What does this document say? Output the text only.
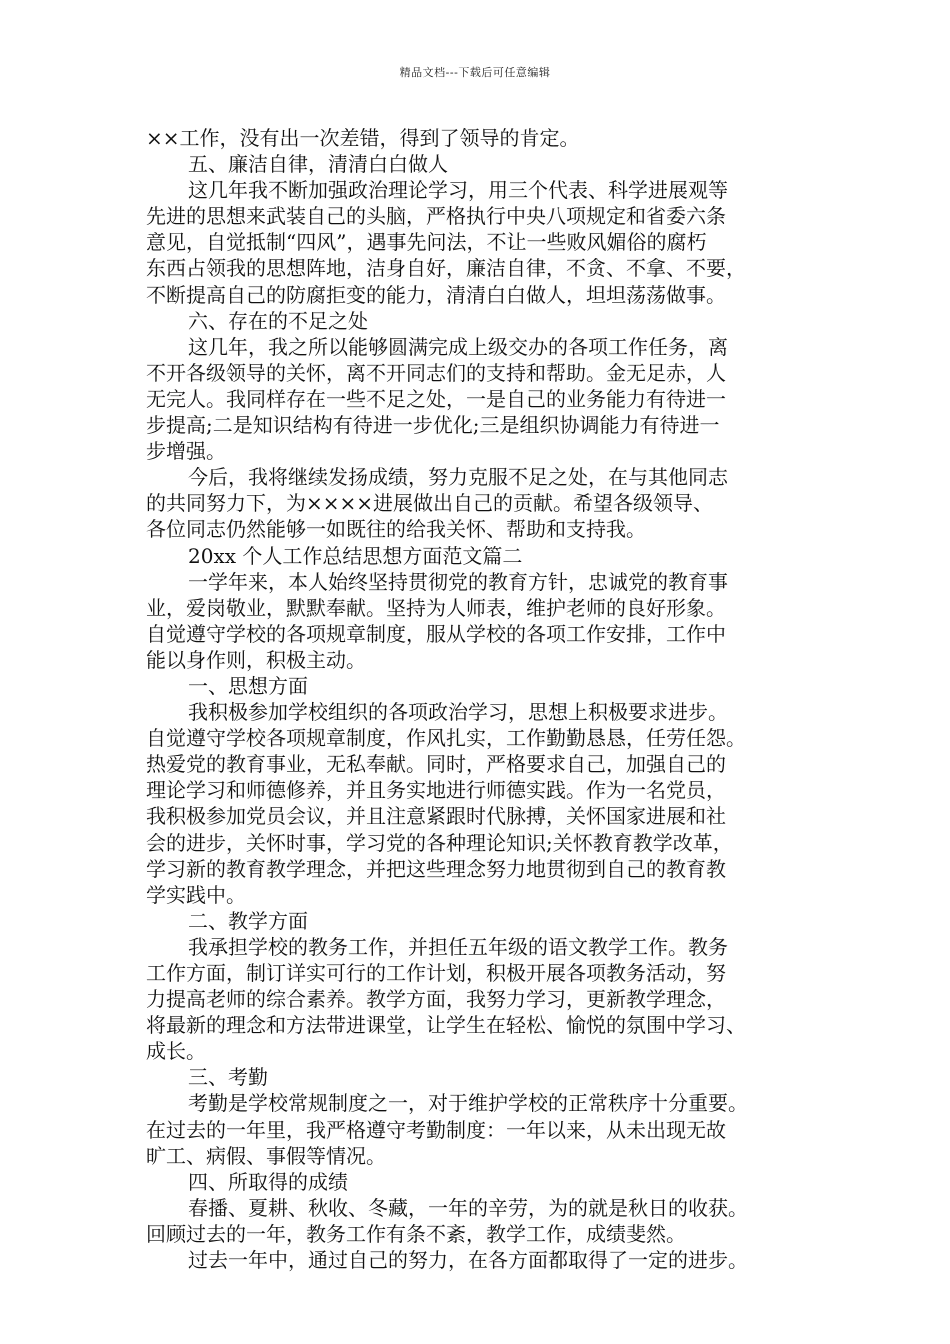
精品文档---下载后可任意编辑
××工作，没有出一次差错，得到了领导的肯定。
五、廉洁自律，清清白白做人
这几年我不断加强政治理论学习，用三个代表、科学进展观等
先进的思想来武装自己的头脑，严格执行中央八项规定和省委六条
意见，自觉抵制“四风”，遇事先问法，不让一些败风媚俗的腐朽
东西占领我的思想阵地，洁身自好，廉洁自律，不贪、不拿、不要，
不断提高自己的防腐拒变的能力，清清白白做人，坦坦荡荡做事。
六、存在的不足之处
这几年，我之所以能够圆满完成上级交办的各项工作任务，离
不开各级领导的关怀，离不开同志们的支持和帮助。金无足赤，人
无完人。我同样存在一些不足之处，一是自己的业务能力有待进一
步提高;二是知识结构有待进一步优化;三是组织协调能力有待进一
步增强。
今后，我将继续发扬成绩，努力克服不足之处，在与其他同志
的共同努力下，为××××进展做出自己的贡献。希望各级领导、
各位同志仍然能够一如既往的给我关怀、帮助和支持我。
20xx 个人工作总结思想方面范文篇二
一学年来，本人始终坚持贯彻党的教育方针，忠诚党的教育事
业，爱岗敬业，默默奉献。坚持为人师表，维护老师的良好形象。
自觉遵守学校的各项规章制度，服从学校的各项工作安排，工作中
能以身作则，积极主动。
一、思想方面
我积极参加学校组织的各项政治学习，思想上积极要求进步。
自觉遵守学校各项规章制度，作风扎实，工作勤勤恳恳，任劳任怨。
热爱党的教育事业，无私奉献。同时，严格要求自己，加强自己的
理论学习和师德修养，并且务实地进行师德实践。作为一名党员，
我积极参加党员会议，并且注意紧跟时代脉搏，关怀国家进展和社
会的进步，关怀时事，学习党的各种理论知识;关怀教育教学改革，
学习新的教育教学理念，并把这些理念努力地贯彻到自己的教育教
学实践中。
二、教学方面
我承担学校的教务工作，并担任五年级的语文教学工作。教务
工作方面，制订详实可行的工作计划，积极开展各项教务活动，努
力提高老师的综合素养。教学方面，我努力学习，更新教学理念，
将最新的理念和方法带进课堂，让学生在轻松、愉悦的氛围中学习、
成长。
三、考勤
考勤是学校常规制度之一，对于维护学校的正常秩序十分重要。
在过去的一年里，我严格遵守考勤制度：一年以来，从未出现无故
旷工、病假、事假等情况。
四、所取得的成绩
春播、夏耕、秋收、冬藏，一年的辛劳，为的就是秋日的收获。
回顾过去的一年，教务工作有条不紊，教学工作，成绩斐然。
过去一年中，通过自己的努力，在各方面都取得了一定的进步。
